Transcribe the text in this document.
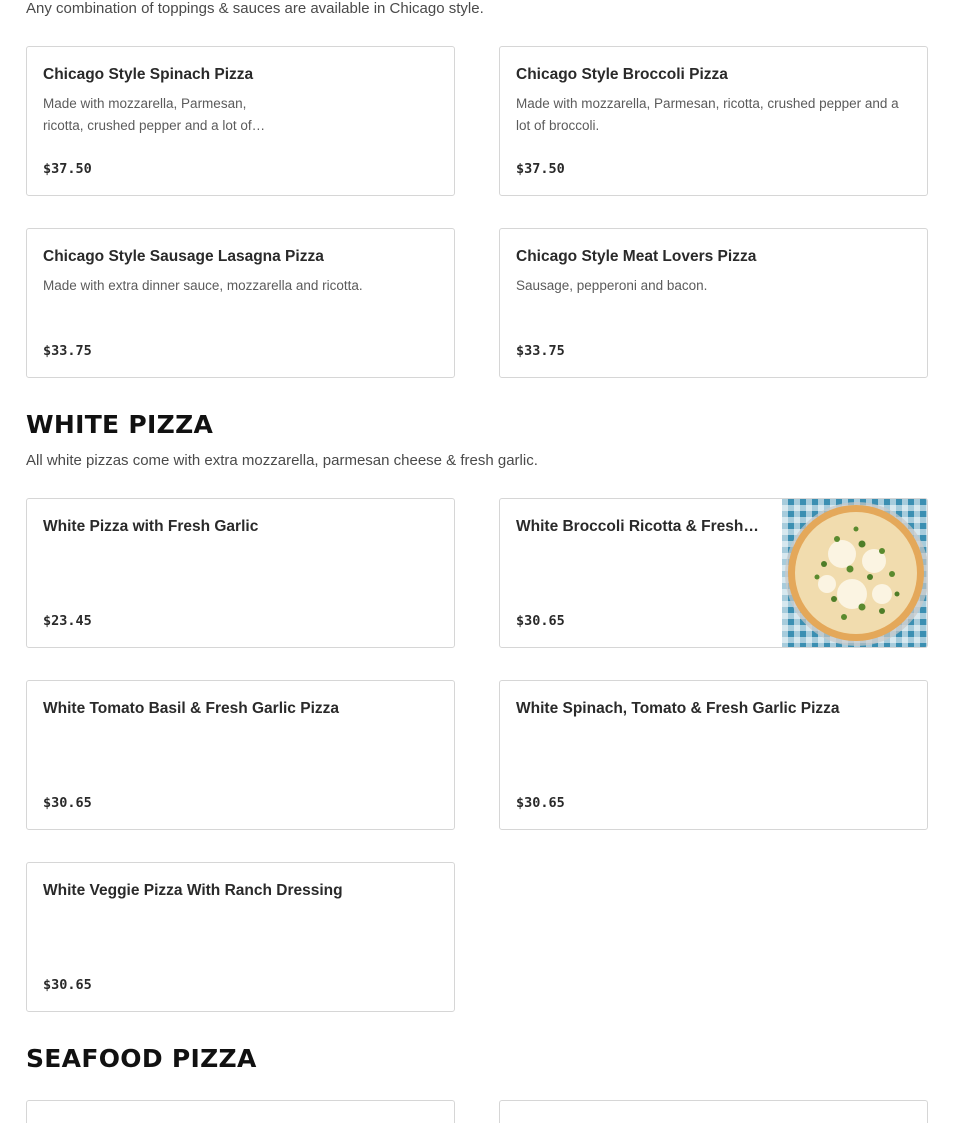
Any combination of toppings & sauces are available in Chicago style.
Chicago Style Spinach Pizza
Made with mozzarella, Parmesan, ricotta, crushed pepper and a lot of…
$37.50
Chicago Style Broccoli Pizza
Made with mozzarella, Parmesan, ricotta, crushed pepper and a lot of broccoli.
$37.50
Chicago Style Sausage Lasagna Pizza
Made with extra dinner sauce, mozzarella and ricotta.
$33.75
Chicago Style Meat Lovers Pizza
Sausage, pepperoni and bacon.
$33.75
WHITE PIZZA
All white pizzas come with extra mozzarella, parmesan cheese & fresh garlic.
White Pizza with Fresh Garlic
$23.45
White Broccoli Ricotta & Fresh…
$30.65
White Tomato Basil & Fresh Garlic Pizza
$30.65
White Spinach, Tomato & Fresh Garlic Pizza
$30.65
White Veggie Pizza With Ranch Dressing
$30.65
SEAFOOD PIZZA
